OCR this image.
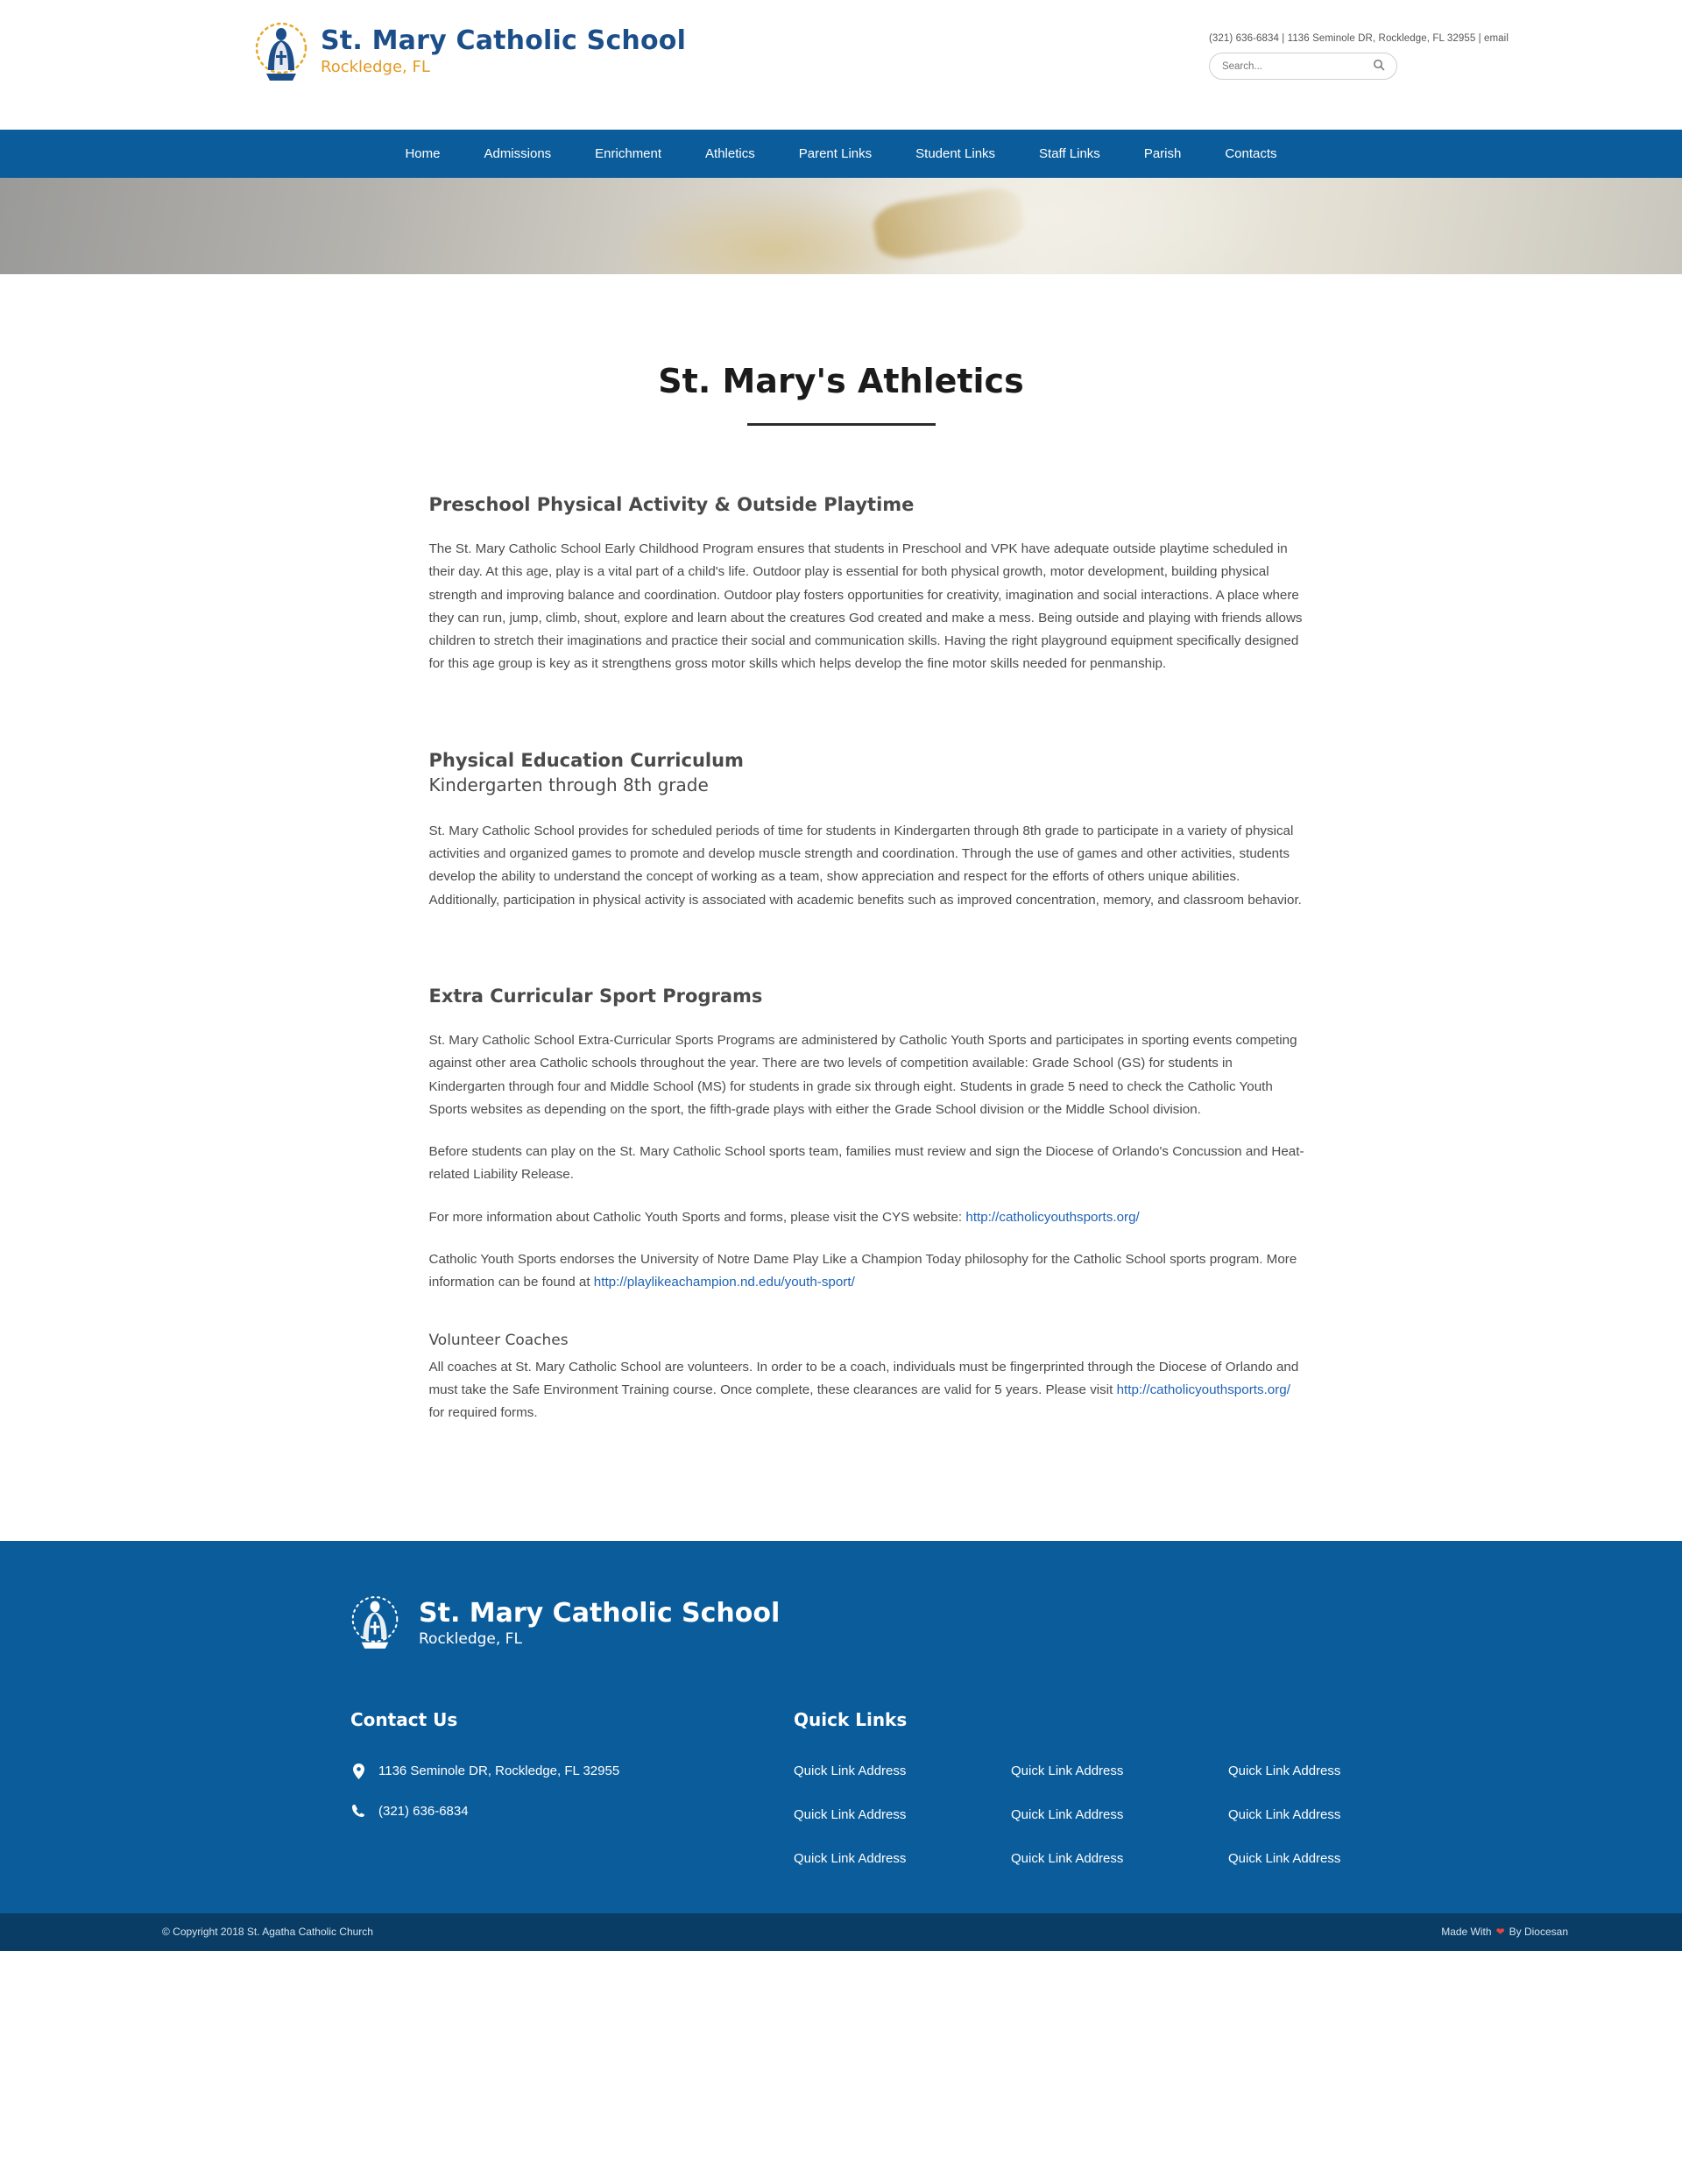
St. Mary Catholic School
Rockledge, FL
(321) 636-6834 | 1136 Seminole DR, Rockledge, FL 32955 | email
Search...
Home	Admissions	Enrichment	Athletics	Parent Links	Student Links	Staff Links	Parish	Contacts
St. Mary's Athletics
Preschool Physical Activity & Outside Playtime

The St. Mary Catholic School Early Childhood Program ensures that students in Preschool and VPK have adequate outside playtime scheduled in their day. At this age, play is a vital part of a child's life. Outdoor play is essential for both physical growth, motor development, building physical strength and improving balance and coordination. Outdoor play fosters opportunities for creativity, imagination and social interactions. A place where they can run, jump, climb, shout, explore and learn about the creatures God created and make a mess. Being outside and playing with friends allows children to stretch their imaginations and practice their social and communication skills. Having the right playground equipment specifically designed for this age group is key as it strengthens gross motor skills which helps develop the fine motor skills needed for penmanship.

Physical Education Curriculum
Kindergarten through 8th grade

St. Mary Catholic School provides for scheduled periods of time for students in Kindergarten through 8th grade to participate in a variety of physical activities and organized games to promote and develop muscle strength and coordination. Through the use of games and other activities, students develop the ability to understand the concept of working as a team, show appreciation and respect for the efforts of others unique abilities. Additionally, participation in physical activity is associated with academic benefits such as improved concentration, memory, and classroom behavior.

Extra Curricular Sport Programs

St. Mary Catholic School Extra-Curricular Sports Programs are administered by Catholic Youth Sports and participates in sporting events competing against other area Catholic schools throughout the year. There are two levels of competition available: Grade School (GS) for students in Kindergarten through four and Middle School (MS) for students in grade six through eight. Students in grade 5 need to check the Catholic Youth Sports websites as depending on the sport, the fifth-grade plays with either the Grade School division or the Middle School division.

Before students can play on the St. Mary Catholic School sports team, families must review and sign the Diocese of Orlando's Concussion and Heat-related Liability Release.

For more information about Catholic Youth Sports and forms, please visit the CYS website: http://catholicyouthsports.org/

Catholic Youth Sports endorses the University of Notre Dame Play Like a Champion Today philosophy for the Catholic School sports program. More information can be found at http://playlikeachampion.nd.edu/youth-sport/

Volunteer Coaches

All coaches at St. Mary Catholic School are volunteers. In order to be a coach, individuals must be fingerprinted through the Diocese of Orlando and must take the Safe Environment Training course. Once complete, these clearances are valid for 5 years. Please visit http://catholicyouthsports.org/ for required forms.

St. Mary Catholic School
Rockledge, FL
Contact Us
1136 Seminole DR, Rockledge, FL 32955
(321) 636-6834
Quick Links
Quick Link Address	Quick Link Address	Quick Link Address
Quick Link Address	Quick Link Address	Quick Link Address
Quick Link Address	Quick Link Address	Quick Link Address
© Copyright 2018 St. Agatha Catholic Church	Made With ❤ By Diocesan
